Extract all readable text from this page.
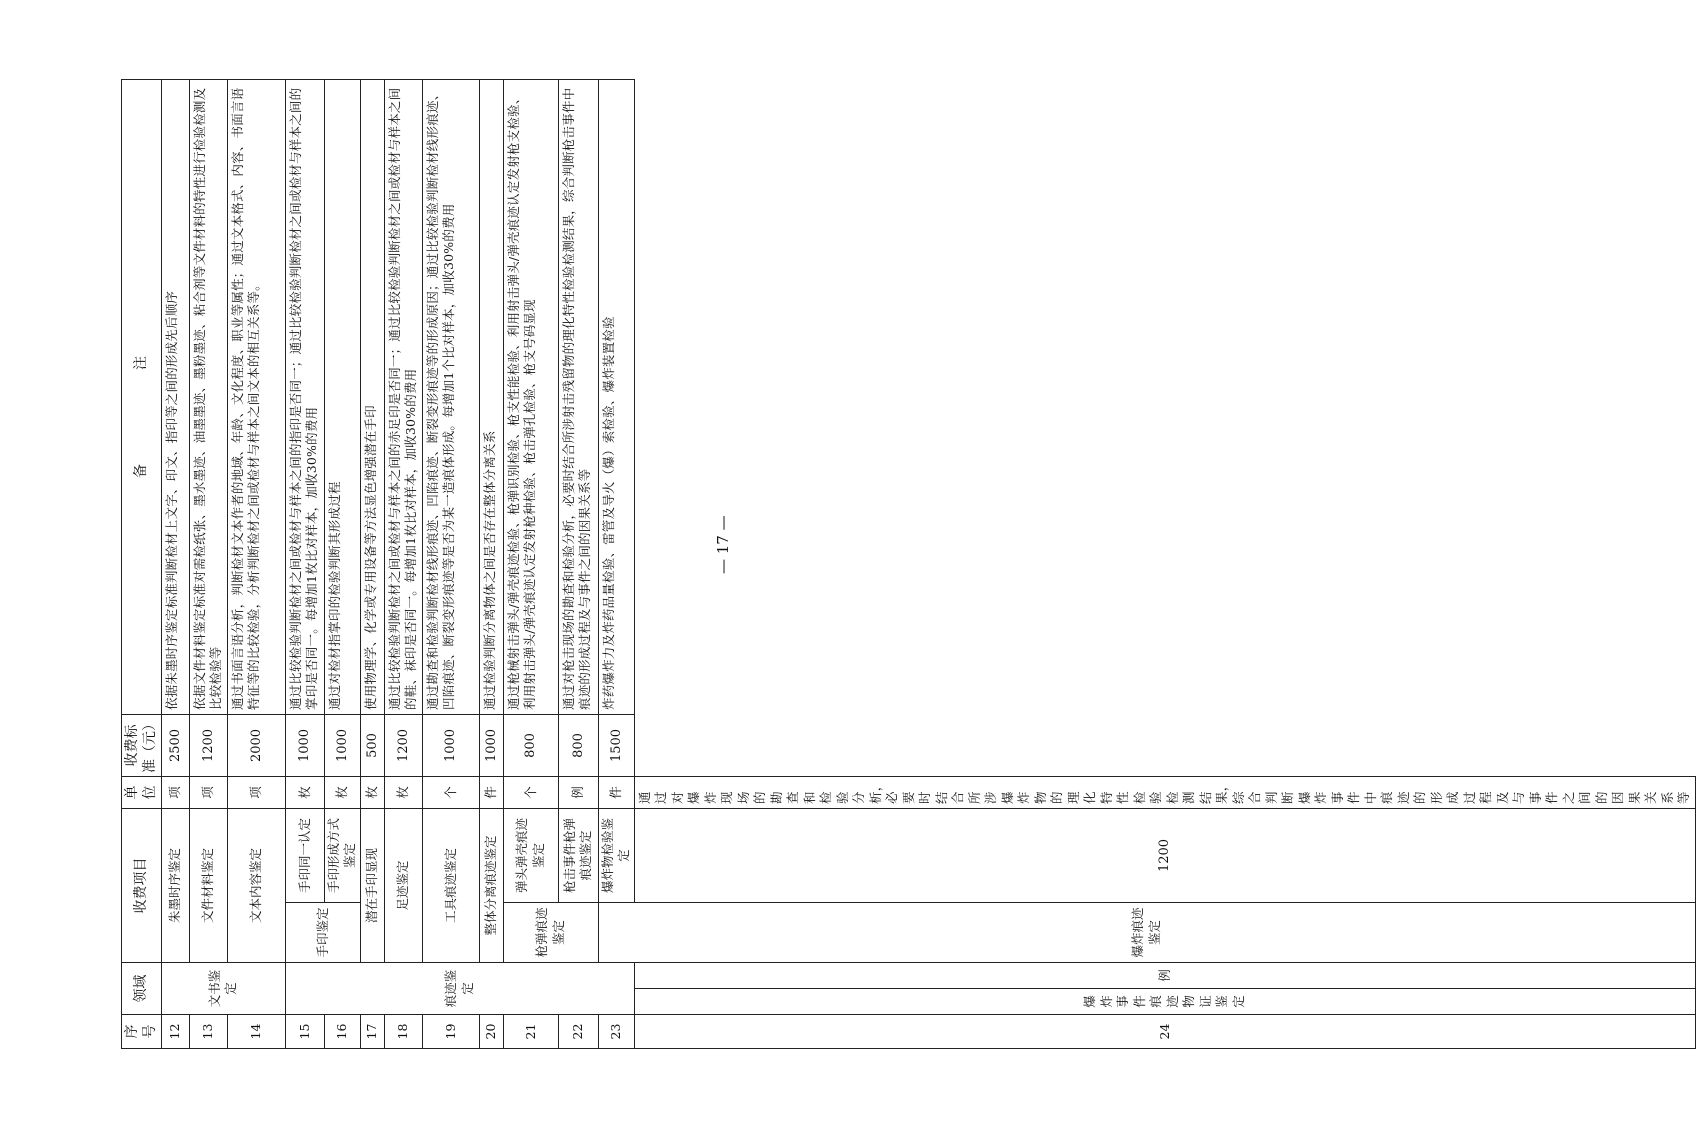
序号	领域		收费项目		单位	收费标准（元）	备　注
12	文书鉴定		朱墨时序鉴定		项	2500	依据朱墨时序鉴定标准判断检材上文字、印文、指印等之间的形成先后顺序
13			文件材料鉴定		项	1200	依据文件材料鉴定标准对需检纸张、墨水墨迹、油墨墨迹、墨粉墨迹、粘合剂等文件材料的特性进行检验检测及比较检验等
14			文本内容鉴定		项	2000	通过书面言语分析，判断检材文本作者的地域、年龄、文化程度、职业等属性；通过文本格式、内容、书面言语特征等的比较检验，分析判断检材之间或检材与样本之间文本的相互关系等。
15	痕迹鉴定		手印鉴定	手印同一认定	枚	1000	通过比较检验判断检材之间或检材与样本之间的指印是否同一；通过比较检验判断检材之间或检材与样本之间的掌印是否同一。每增加1枚比对样本，加收30%的费用
16				手印形成方式鉴定	枚	1000	通过对检材指掌印的检验判断其形成过程
17			潜在手印显现		枚	500	使用物理学、化学或专用设备等方法显色增强潜在手印
18			足迹鉴定		枚	1200	通过比较检验判断检材之间或检材与样本之间的赤足印是否同一；通过比较检验判断检材之间或检材与样本之间的鞋、袜印是否同一。每增加1枚比对样本，加收30%的费用
19			工具痕迹鉴定		个	1000	通过勘查和检验判断检材线形痕迹、凹陷痕迹、断裂变形痕迹等的形成原因；通过比较检验判断检材线形痕迹、凹陷痕迹、断裂变形痕迹等是否为某一造痕体形成。每增加1个比对样本，加收30%的费用
20			整体分离痕迹鉴定		件	1000	通过检验判断分离物体之间是否存在整体分离关系
21			枪弹痕迹鉴定	弹头弹壳痕迹鉴定	个	800	通过枪械射击弹头/弹壳痕迹检验、枪弹识别检验、枪支性能检验、利用射击弹头/弹壳痕迹认定发射枪支检验、利用射击弹头/弹壳痕迹认定发射枪种检验、枪击弹孔检验、枪支号码显现
22				枪击事件枪弹痕迹鉴定	例	800	通过对枪击现场的勘查和检验分析，必要时结合所涉射击残留物的理化特性检验检测结果，综合判断枪击事件中痕迹的形成过程及与事件之间的因果关系等
23			爆炸痕迹鉴定	爆炸物检验鉴定	件	1500	炸药爆炸力及炸药品量检验、雷管及导火（爆）索检验、爆炸装置检验
24	爆炸事件痕迹物证鉴定	例		1200	通过对爆炸现场的勘查和检验分析，必要时结合所涉爆炸物的理化特性检验检测结果，综合判断爆炸事件中痕迹的形成过程及与事件之间的因果关系等		
— 17 —
